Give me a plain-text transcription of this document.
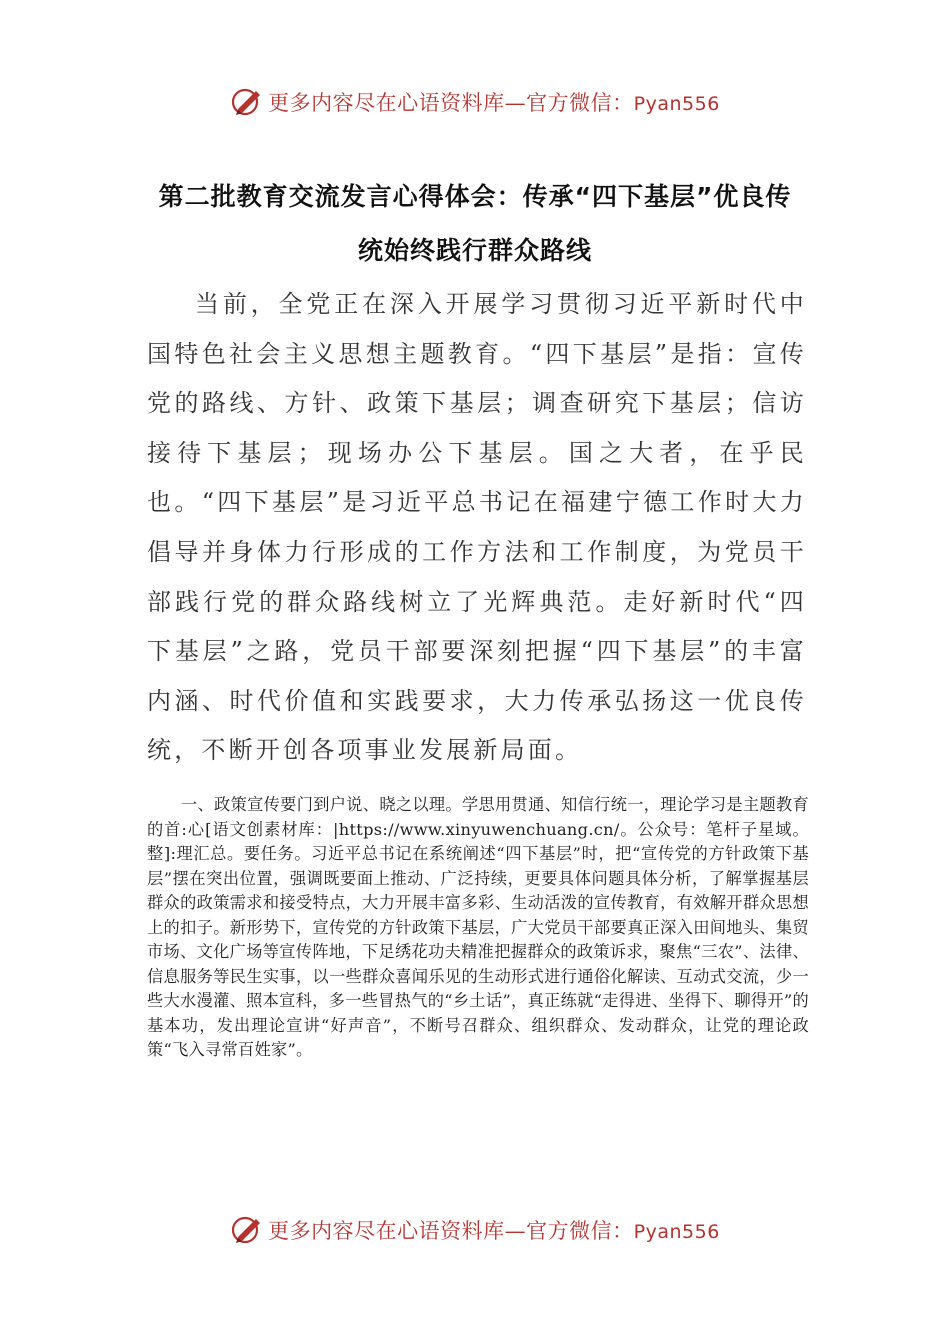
更多内容尽在心语资料库—官方微信：Pyan556
第二批教育交流发言心得体会：传承“四下基层”优良传
统始终践行群众路线

当前，全党正在深入开展学习贯彻习近平新时代中国特色社会主义思想主题教育。“四下基层”是指：宣传党的路线、方针、政策下基层；调查研究下基层；信访接待下基层；现场办公下基层。国之大者，在乎民也。“四下基层”是习近平总书记在福建宁德工作时大力倡导并身体力行形成的工作方法和工作制度，为党员干部践行党的群众路线树立了光辉典范。走好新时代“四下基层”之路，党员干部要深刻把握“四下基层”的丰富内涵、时代价值和实践要求，大力传承弘扬这一优良传统，不断开创各项事业发展新局面。

一、政策宣传要门到户说、晓之以理。学思用贯通、知信行统一，理论学习是主题教育的首:心[语文创素材库：|https://www.xinyuwenchuang.cn/。公众号：笔杆子星域。整]:理汇总。要任务。习近平总书记在系统阐述“四下基层”时，把“宣传党的方针政策下基层”摆在突出位置，强调既要面上推动、广泛持续，更要具体问题具体分析，了解掌握基层群众的政策需求和接受特点，大力开展丰富多彩、生动活泼的宣传教育，有效解开群众思想上的扣子。新形势下，宣传党的方针政策下基层，广大党员干部要真正深入田间地头、集贸市场、文化广场等宣传阵地，下足绣花功夫精准把握群众的政策诉求，聚焦“三农”、法律、信息服务等民生实事，以一些群众喜闻乐见的生动形式进行通俗化解读、互动式交流，少一些大水漫灌、照本宣科，多一些冒热气的“乡土话”，真正练就“走得进、坐得下、聊得开”的基本功，发出理论宣讲“好声音”，不断号召群众、组织群众、发动群众，让党的理论政策“飞入寻常百姓家”。

更多内容尽在心语资料库—官方微信：Pyan556
